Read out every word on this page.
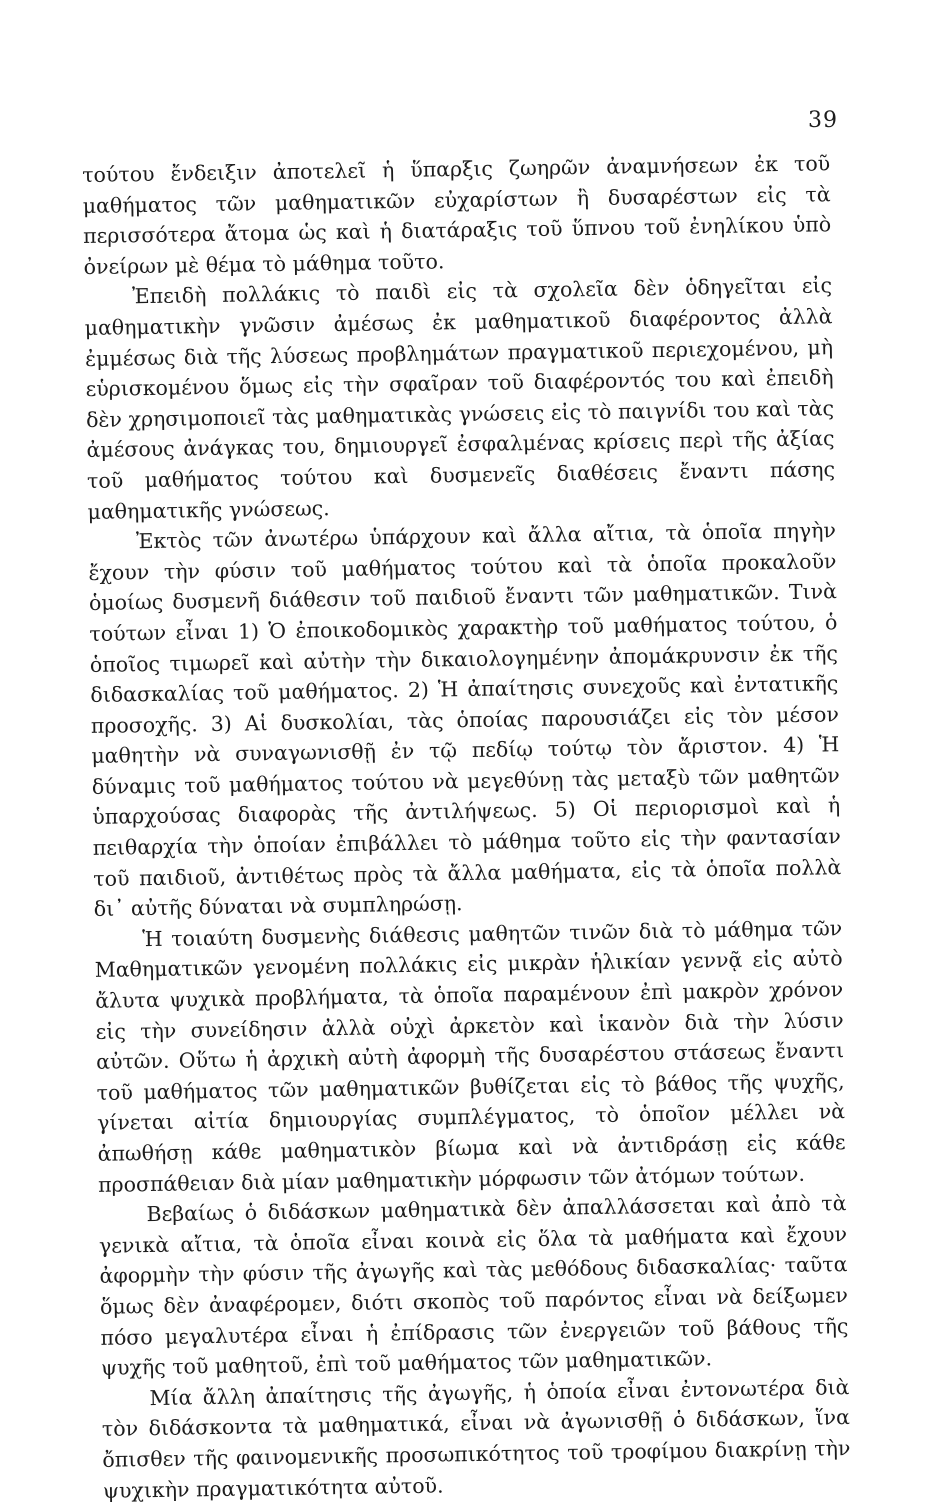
39

τούτου ἔνδειξιν ἀποτελεῖ ἡ ὕπαρξις ζωηρῶν ἀναμνήσεων ἐκ τοῦ μαθήματος τῶν μαθηματικῶν εὐχαρίστων ἢ δυσαρέστων εἰς τὰ περισσότερα ἄτομα ὡς καὶ ἡ διατάραξις τοῦ ὕπνου τοῦ ἐνηλίκου ὑπὸ ὀνείρων μὲ θέμα τὸ μάθημα τοῦτο.

Ἐπειδὴ πολλάκις τὸ παιδὶ εἰς τὰ σχολεῖα δὲν ὁδηγεῖται εἰς μαθηματικὴν γνῶσιν ἀμέσως ἐκ μαθηματικοῦ διαφέροντος ἀλλὰ ἐμμέσως διὰ τῆς λύσεως προβλημάτων πραγματικοῦ περιεχομένου, μὴ εὑρισκομένου ὅμως εἰς τὴν σφαῖραν τοῦ διαφέροντός του καὶ ἐπειδὴ δὲν χρησιμοποιεῖ τὰς μαθηματικὰς γνώσεις εἰς τὸ παιγνίδι του καὶ τὰς ἀμέσους ἀνάγκας του, δημιουργεῖ ἐσφαλμένας κρίσεις περὶ τῆς ἀξίας τοῦ μαθήματος τούτου καὶ δυσμενεῖς διαθέσεις ἔναντι πάσης μαθηματικῆς γνώσεως.

Ἐκτὸς τῶν ἀνωτέρω ὑπάρχουν καὶ ἄλλα αἴτια, τὰ ὁποῖα πηγὴν ἔχουν τὴν φύσιν τοῦ μαθήματος τούτου καὶ τὰ ὁποῖα προκαλοῦν ὁμοίως δυσμενῆ διάθεσιν τοῦ παιδιοῦ ἔναντι τῶν μαθηματικῶν. Τινὰ τούτων εἶναι 1) Ὁ ἐποικοδομικὸς χαρακτὴρ τοῦ μαθήματος τούτου, ὁ ὁποῖος τιμωρεῖ καὶ αὐτὴν τὴν δικαιολογημένην ἀπομάκρυνσιν ἐκ τῆς διδασκαλίας τοῦ μαθήματος. 2) Ἡ ἀπαίτησις συνεχοῦς καὶ ἐντατικῆς προσοχῆς. 3) Αἱ δυσκολίαι, τὰς ὁποίας παρουσιάζει εἰς τὸν μέσον μαθητὴν νὰ συναγωνισθῇ ἐν τῷ πεδίῳ τούτῳ τὸν ἄριστον. 4) Ἡ δύναμις τοῦ μαθήματος τούτου νὰ μεγεθύνῃ τὰς μεταξὺ τῶν μαθητῶν ὑπαρχούσας διαφορὰς τῆς ἀντιλήψεως. 5) Οἱ περιορισμοὶ καὶ ἡ πειθαρχία τὴν ὁποίαν ἐπιβάλλει τὸ μάθημα τοῦτο εἰς τὴν φαντασίαν τοῦ παιδιοῦ, ἀντιθέτως πρὸς τὰ ἄλλα μαθήματα, εἰς τὰ ὁποῖα πολλὰ δι᾽ αὐτῆς δύναται νὰ συμπληρώσῃ.

Ἡ τοιαύτη δυσμενὴς διάθεσις μαθητῶν τινῶν διὰ τὸ μάθημα τῶν Μαθηματικῶν γενομένη πολλάκις εἰς μικρὰν ἡλικίαν γεννᾷ εἰς αὐτὸ ἄλυτα ψυχικὰ προβλήματα, τὰ ὁποῖα παραμένουν ἐπὶ μακρὸν χρόνον εἰς τὴν συνείδησιν ἀλλὰ οὐχὶ ἀρκετὸν καὶ ἱκανὸν διὰ τὴν λύσιν αὐτῶν. Οὕτω ἡ ἀρχικὴ αὐτὴ ἀφορμὴ τῆς δυσαρέστου στάσεως ἔναντι τοῦ μαθήματος τῶν μαθηματικῶν βυθίζεται εἰς τὸ βάθος τῆς ψυχῆς, γίνεται αἰτία δημιουργίας συμπλέγματος, τὸ ὁποῖον μέλλει νὰ ἀπωθήσῃ κάθε μαθηματικὸν βίωμα καὶ νὰ ἀντιδράσῃ εἰς κάθε προσπάθειαν διὰ μίαν μαθηματικὴν μόρφωσιν τῶν ἀτόμων τούτων.

Βεβαίως ὁ διδάσκων μαθηματικὰ δὲν ἀπαλλάσσεται καὶ ἀπὸ τὰ γενικὰ αἴτια, τὰ ὁποῖα εἶναι κοινὰ εἰς ὅλα τὰ μαθήματα καὶ ἔχουν ἀφορμὴν τὴν φύσιν τῆς ἀγωγῆς καὶ τὰς μεθόδους διδασκαλίας· ταῦτα ὅμως δὲν ἀναφέρομεν, διότι σκοπὸς τοῦ παρόντος εἶναι νὰ δείξωμεν πόσο μεγαλυτέρα εἶναι ἡ ἐπίδρασις τῶν ἐνεργειῶν τοῦ βάθους τῆς ψυχῆς τοῦ μαθητοῦ, ἐπὶ τοῦ μαθήματος τῶν μαθηματικῶν.

Μία ἄλλη ἀπαίτησις τῆς ἀγωγῆς, ἡ ὁποία εἶναι ἐντονωτέρα διὰ τὸν διδάσκοντα τὰ μαθηματικά, εἶναι νὰ ἀγωνισθῇ ὁ διδάσκων, ἵνα ὄπισθεν τῆς φαινομενικῆς προσωπικότητος τοῦ τροφίμου διακρίνῃ τὴν ψυχικὴν πραγματικότητα αὐτοῦ.
